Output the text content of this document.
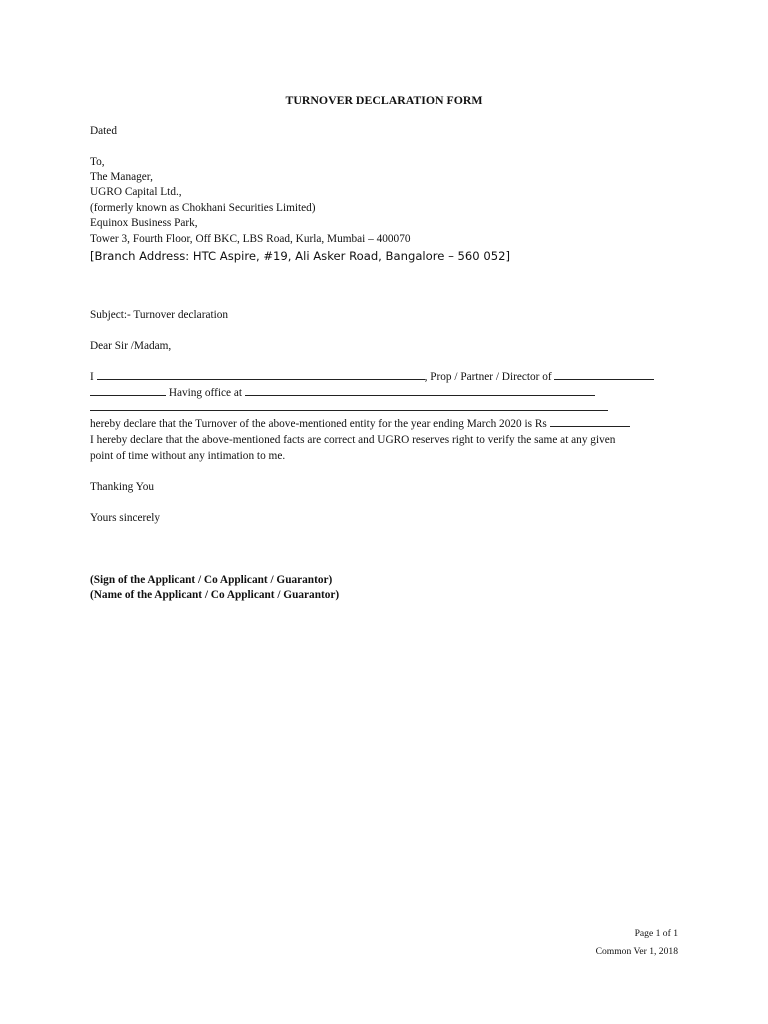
TURNOVER DECLARATION FORM
Dated
To,
The Manager,
UGRO Capital Ltd.,
(formerly known as Chokhani Securities Limited)
Equinox Business Park,
Tower 3, Fourth Floor, Off BKC, LBS Road, Kurla, Mumbai – 400070
[Branch Address: HTC Aspire, #19, Ali Asker Road, Bangalore – 560 052]
Subject:- Turnover declaration
Dear Sir /Madam,
I	, Prop / Partner / Director of
Having office at
hereby declare that the Turnover of the above-mentioned entity for the year ending March 2020 is Rs
I hereby declare that the above-mentioned facts are correct and UGRO reserves right to verify the same at any given
point of time without any intimation to me.
Thanking You
Yours sincerely
(Sign of the Applicant / Co Applicant / Guarantor)
(Name of the Applicant / Co Applicant / Guarantor)
Page 1 of 1
Common Ver 1, 2018
